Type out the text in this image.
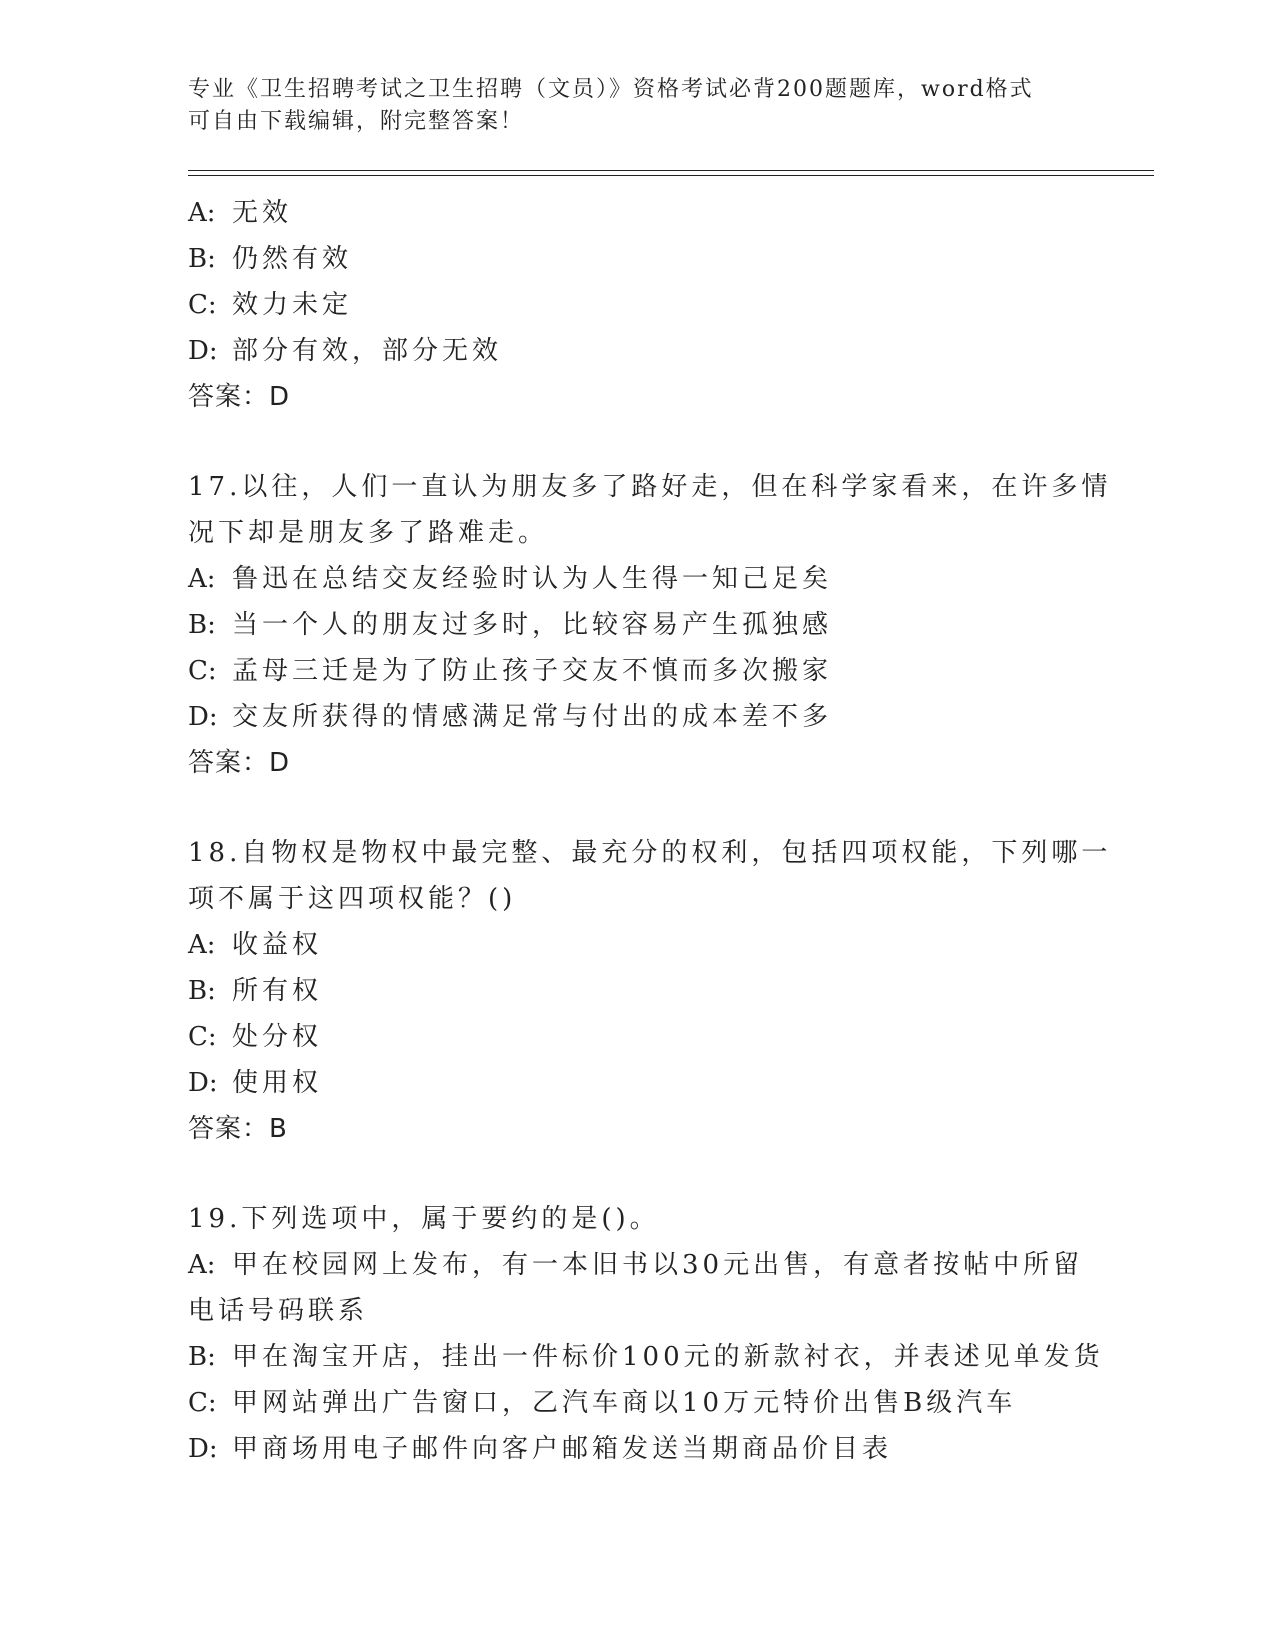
专业《卫生招聘考试之卫生招聘（文员）》资格考试必背200题题库，word格式
可自由下载编辑，附完整答案！
A: 无效
B: 仍然有效
C: 效力未定
D: 部分有效，部分无效
答案：D
17.以往，人们一直认为朋友多了路好走，但在科学家看来，在许多情
况下却是朋友多了路难走。
A: 鲁迅在总结交友经验时认为人生得一知己足矣
B: 当一个人的朋友过多时，比较容易产生孤独感
C: 孟母三迁是为了防止孩子交友不慎而多次搬家
D: 交友所获得的情感满足常与付出的成本差不多
答案：D
18.自物权是物权中最完整、最充分的权利，包括四项权能，下列哪一
项不属于这四项权能？()
A: 收益权
B: 所有权
C: 处分权
D: 使用权
答案：B
19.下列选项中，属于要约的是()。
A: 甲在校园网上发布，有一本旧书以30元出售，有意者按帖中所留
电话号码联系
B: 甲在淘宝开店，挂出一件标价100元的新款衬衣，并表述见单发货
C: 甲网站弹出广告窗口，乙汽车商以10万元特价出售B级汽车
D: 甲商场用电子邮件向客户邮箱发送当期商品价目表
